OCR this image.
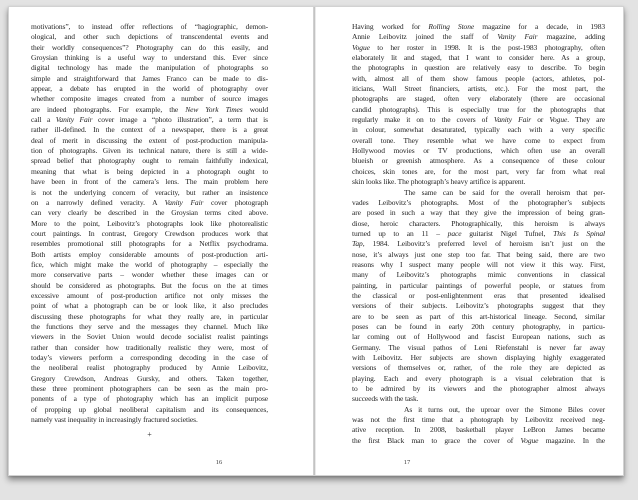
motivations”, to instead offer reflections of “hagiographic, demon-
ological, and other such depictions of transcendental events and
their worldly consequences”? Photography can do this easily, and
Groysian thinking is a useful way to understand this. Ever since
digital technology has made the manipulation of photographs so
simple and straightforward that James Franco can be made to dis-
appear, a debate has erupted in the world of photography over
whether composite images created from a number of source images
are indeed photographs. For example, the New York Times would
call a Vanity Fair cover image a “photo illustration”, a term that is
rather ill-defined. In the context of a newspaper, there is a great
deal of merit in discussing the extent of post-production manipula-
tion of photographs. Given its technical nature, there is still a wide-
spread belief that photography ought to remain faithfully indexical,
meaning that what is being depicted in a photograph ought to
have been in front of the camera’s lens. The main problem here
is not the underlying concern of veracity, but rather an insistence
on a narrowly defined veracity. A Vanity Fair cover photograph
can very clearly be described in the Groysian terms cited above.
More to the point, Leibovitz’s photographs look like photorealistic
court paintings. In contrast, Gregory Crewdson produces work that
resembles promotional still photographs for a Netflix psychodrama.
Both artists employ considerable amounts of post-production arti-
fice, which might make the world of photography – especially the
more conservative parts – wonder whether these images can or
should be considered as photographs. But the focus on the at times
excessive amount of post-production artifice not only misses the
point of what a photograph can be or look like, it also precludes
discussing these photographs for what they really are, in particular
the functions they serve and the messages they channel. Much like
viewers in the Soviet Union would decode socialist realist paintings
rather than consider how traditionally realistic they were, most of
today’s viewers perform a corresponding decoding in the case of
the neoliberal realist photography produced by Annie Leibovitz,
Gregory Crewdson, Andreas Gursky, and others. Taken together,
these three prominent photographers can be seen as the main pro-
ponents of a type of photography which has an implicit purpose
of propping up global neoliberal capitalism and its consequences,
namely vast inequality in increasingly fractured societies.
+
16
Having worked for Rolling Stone magazine for a decade, in 1983
Annie Leibovitz joined the staff of Vanity Fair magazine, adding
Vogue to her roster in 1998. It is the post-1983 photography, often
elaborately lit and staged, that I want to consider here. As a group,
the photographs in question are relatively easy to describe. To begin
with, almost all of them show famous people (actors, athletes, pol-
iticians, Wall Street financiers, artists, etc.). For the most part, the
photographs are staged, often very elaborately (there are occasional
candid photographs). This is especially true for the photographs that
regularly make it on to the covers of Vanity Fair or Vogue. They are
in colour, somewhat desaturated, typically each with a very specific
overall tone. They resemble what we have come to expect from
Hollywood movies or TV productions, which often use an overall
blueish or greenish atmosphere. As a consequence of these colour
choices, skin tones are, for the most part, very far from what real
skin looks like. The photograph’s heavy artifice is apparent.
The same can be said for the overall heroism that per-
vades Leibovitz’s photographs. Most of the photographer’s subjects
are posed in such a way that they give the impression of being gran-
diose, heroic characters. Photographically, this heroism is always
turned up to an 11 – pace guitarist Nigel Tufnel, This Is Spinal
Tap, 1984. Leibovitz’s preferred level of heroism isn’t just on the
nose, it’s always just one step too far. That being said, there are two
reasons why I suspect many people will not view it this way. First,
many of Leibovitz’s photographs mimic conventions in classical
painting, in particular paintings of powerful people, or statues from
the classical or post-enlightenment eras that presented idealised
versions of their subjects. Leibovitz’s photographs suggest that they
are to be seen as part of this art-historical lineage. Second, similar
poses can be found in early 20th century photography, in particu-
lar coming out of Hollywood and fascist European nations, such as
Germany. The visual pathos of Leni Riefenstahl is never far away
with Leibovitz. Her subjects are shown displaying highly exaggerated
versions of themselves or, rather, of the role they are depicted as
playing. Each and every photograph is a visual celebration that is
to be admired by its viewers and the photographer almost always
succeeds with the task.
As it turns out, the uproar over the Simone Biles cover
was not the first time that a photograph by Leibovitz received neg-
ative reception. In 2008, basketball player LeBron James became
the first Black man to grace the cover of Vogue magazine. In the
17
